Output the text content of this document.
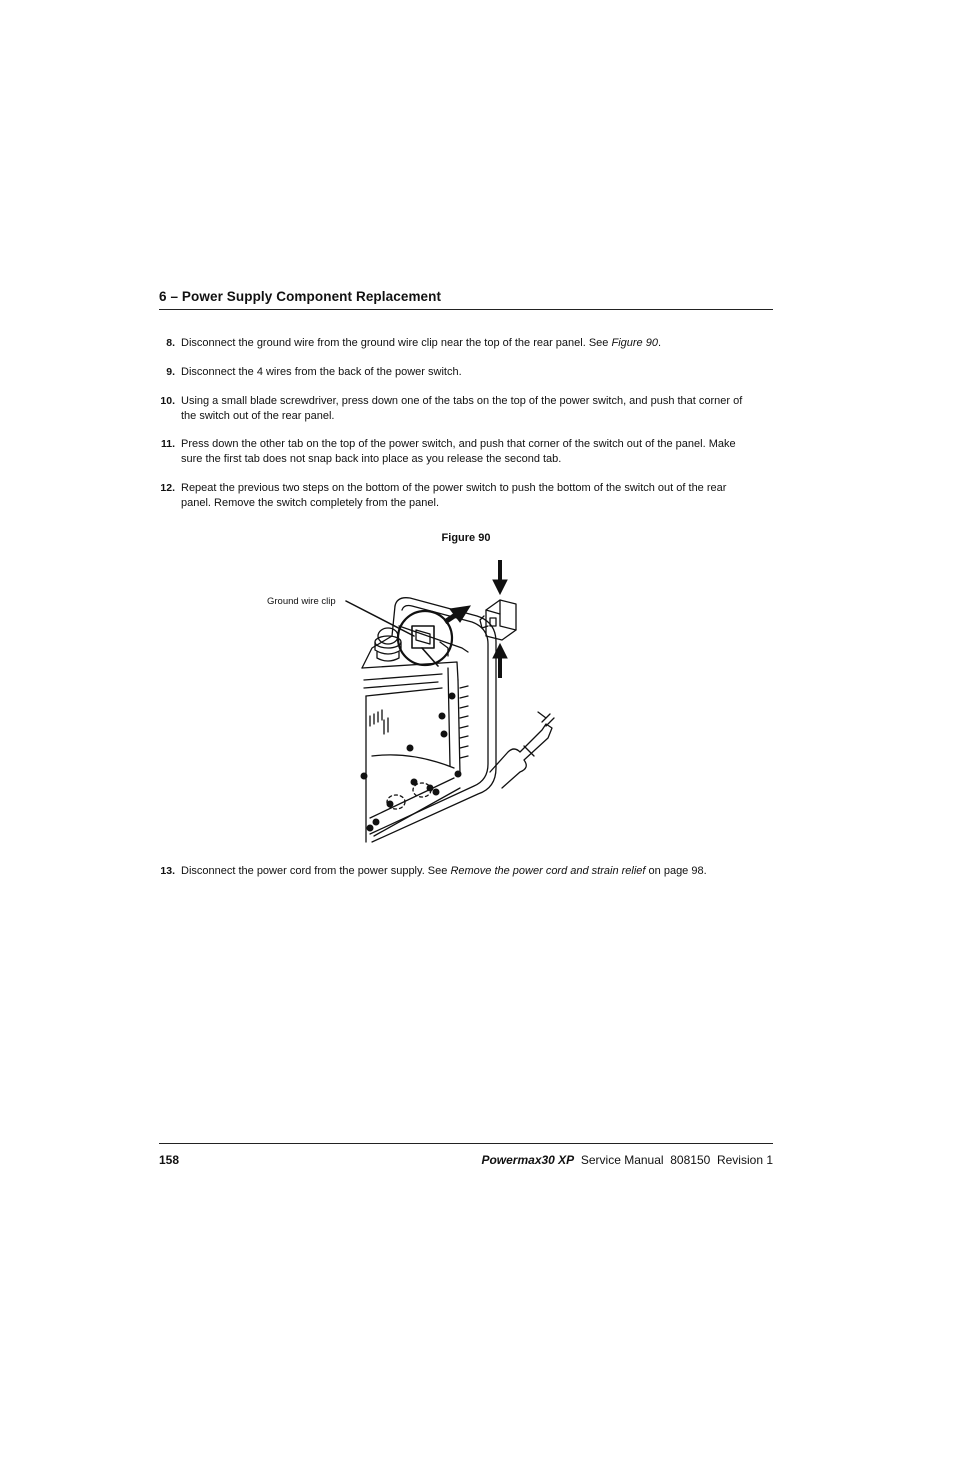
6 – Power Supply Component Replacement
8. Disconnect the ground wire from the ground wire clip near the top of the rear panel. See Figure 90.
9. Disconnect the 4 wires from the back of the power switch.
10. Using a small blade screwdriver, press down one of the tabs on the top of the power switch, and push that corner of
the switch out of the rear panel.
11. Press down the other tab on the top of the power switch, and push that corner of the switch out of the panel. Make
sure the first tab does not snap back into place as you release the second tab.
12. Repeat the previous two steps on the bottom of the power switch to push the bottom of the switch out of the rear
panel. Remove the switch completely from the panel.
13. Disconnect the power cord from the power supply. See Remove the power cord and strain relief on page 98.
Figure 90
Ground wire clip
158	Powermax30 XP Service Manual 808150 Revision 1
